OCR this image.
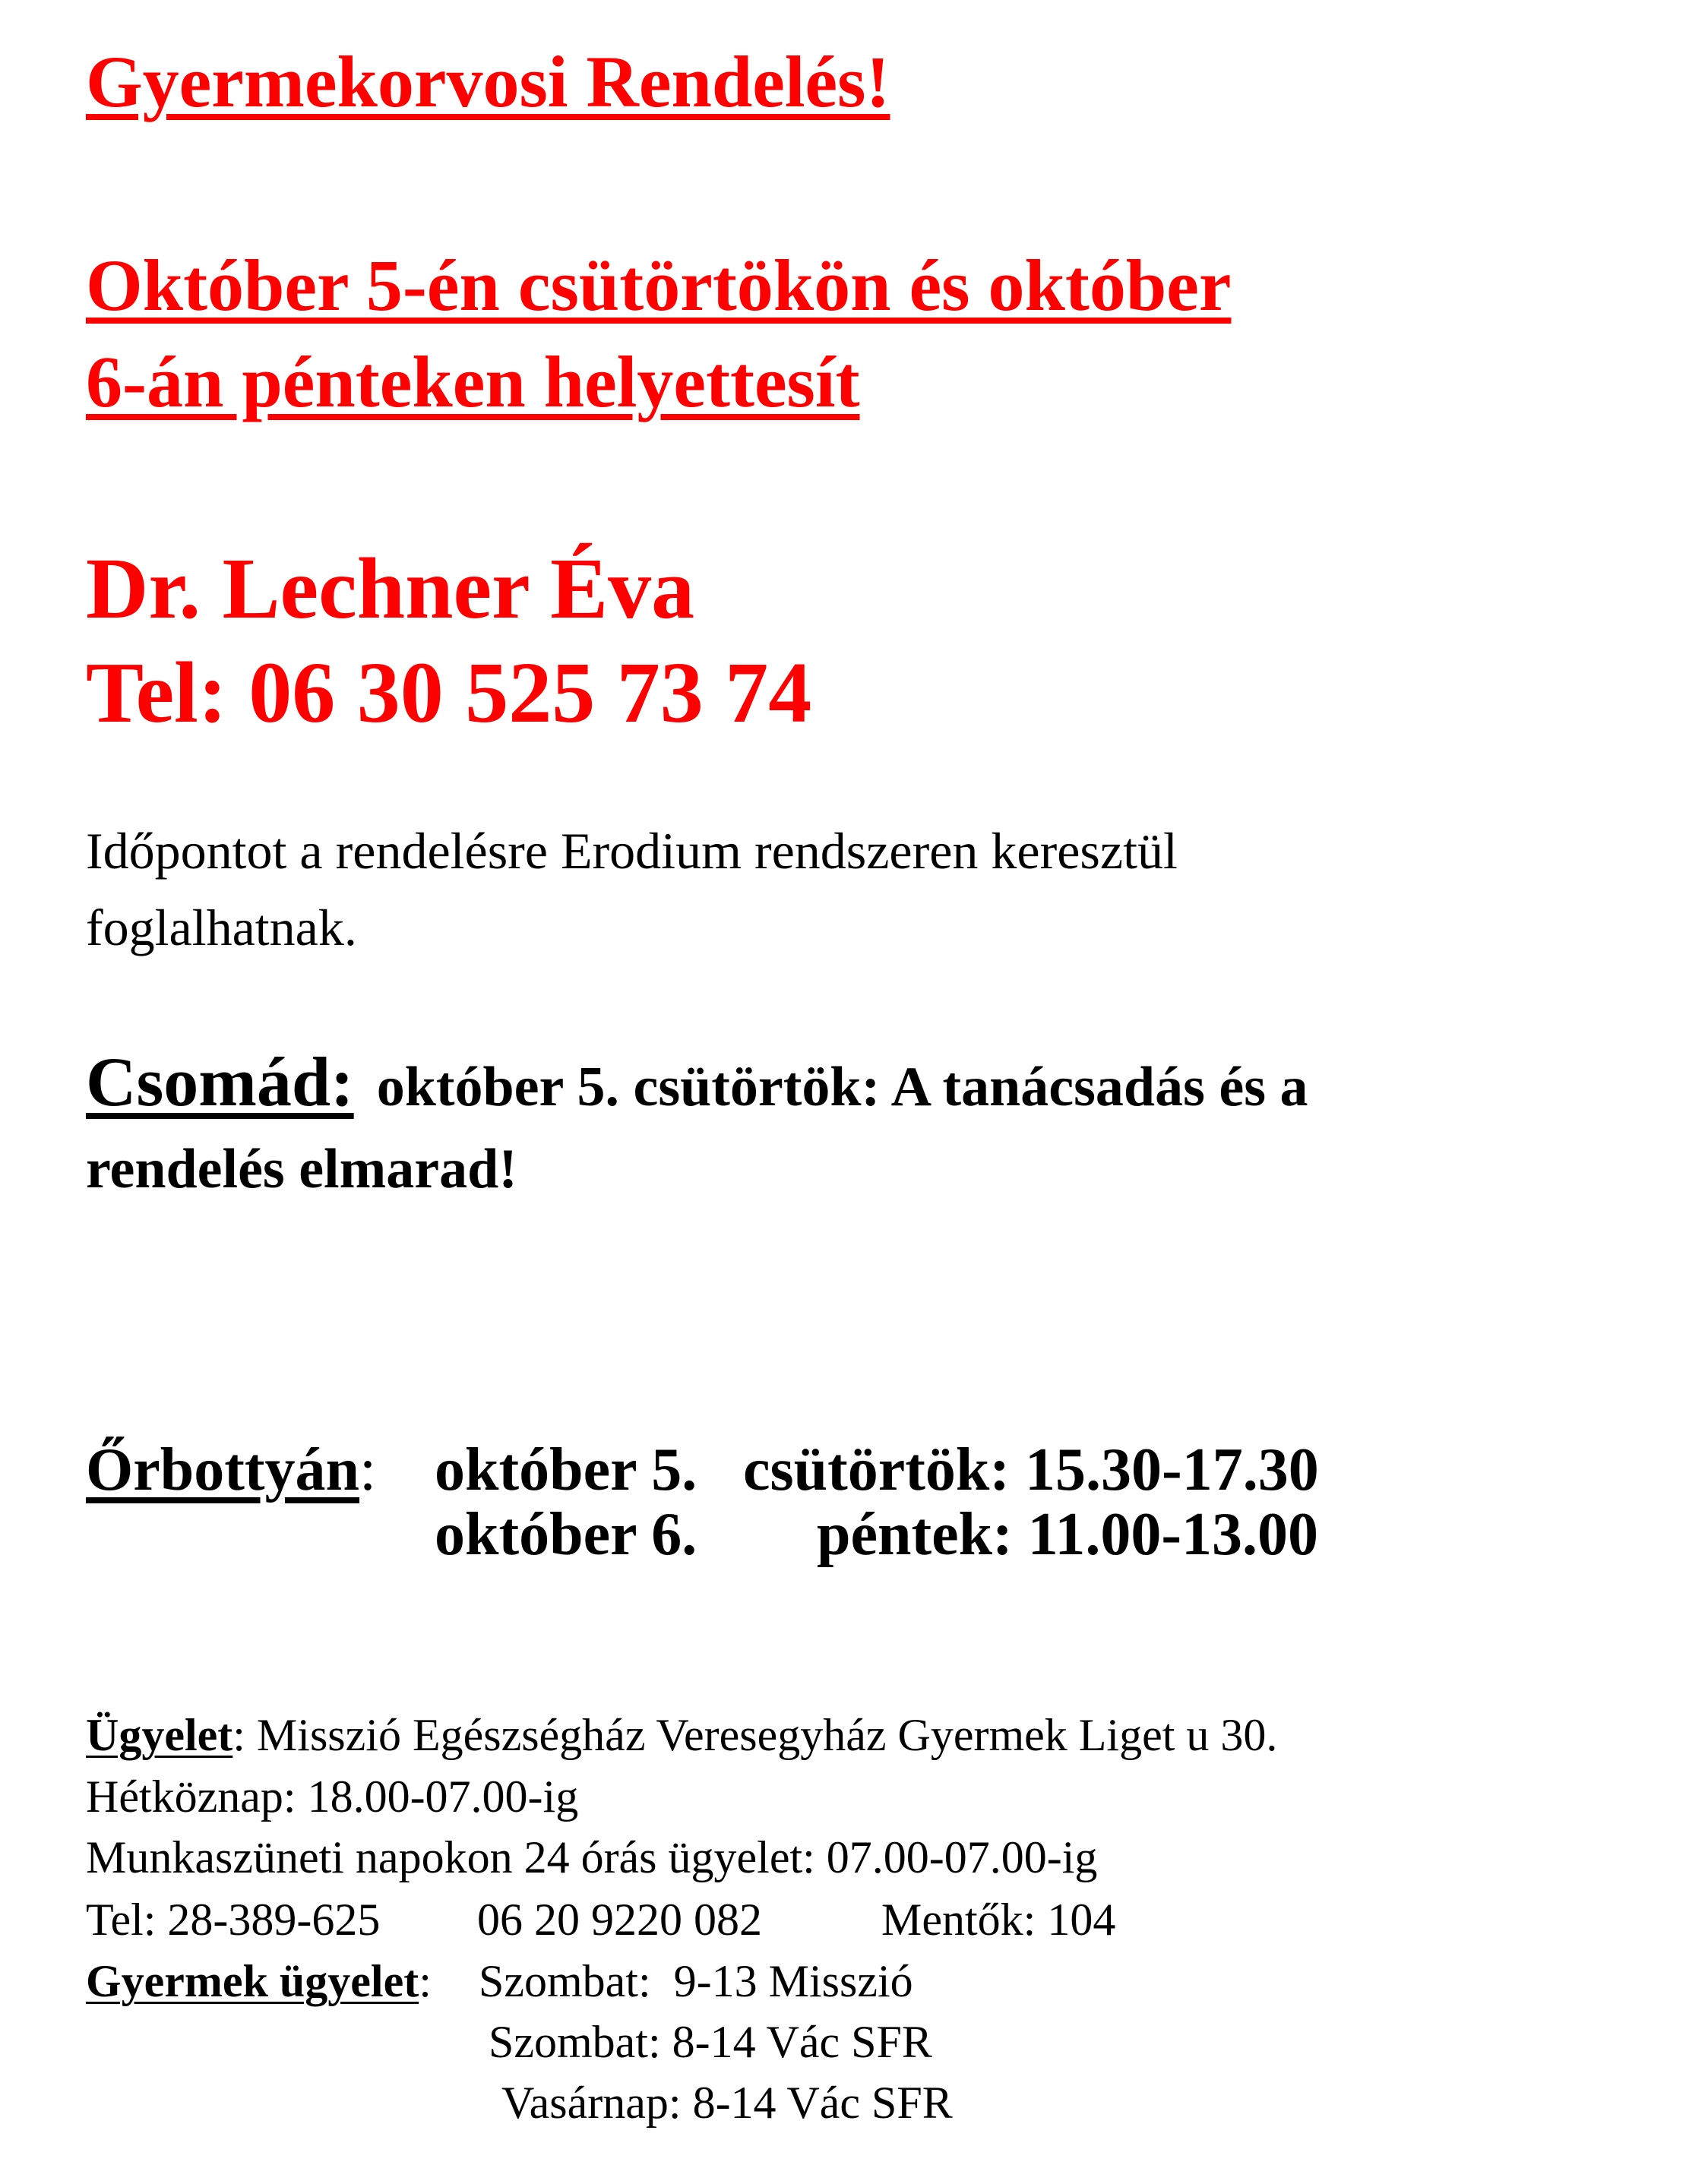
Gyermekorvosi Rendelés!
Október 5-én csütörtökön és október
6-án pénteken helyettesít
Dr. Lechner Éva
Tel: 06 30 525 73 74
Időpontot a rendelésre Erodium rendszeren keresztül
foglalhatnak.
Csomád: október 5. csütörtök: A tanácsadás és a
rendelés elmarad!
Őrbottyán: október 5. csütörtök: 15.30-17.30
október 6. péntek: 11.00-13.00
Ügyelet: Misszió Egészségház Veresegyház Gyermek Liget u 30.
Hétköznap: 18.00-07.00-ig
Munkaszüneti napokon 24 órás ügyelet: 07.00-07.00-ig
Tel: 28-389-625 06 20 9220 082	Mentők: 104
Gyermek ügyelet: Szombat:  9-13 Misszió
Szombat: 8-14 Vác SFR
Vasárnap: 8-14 Vác SFR
